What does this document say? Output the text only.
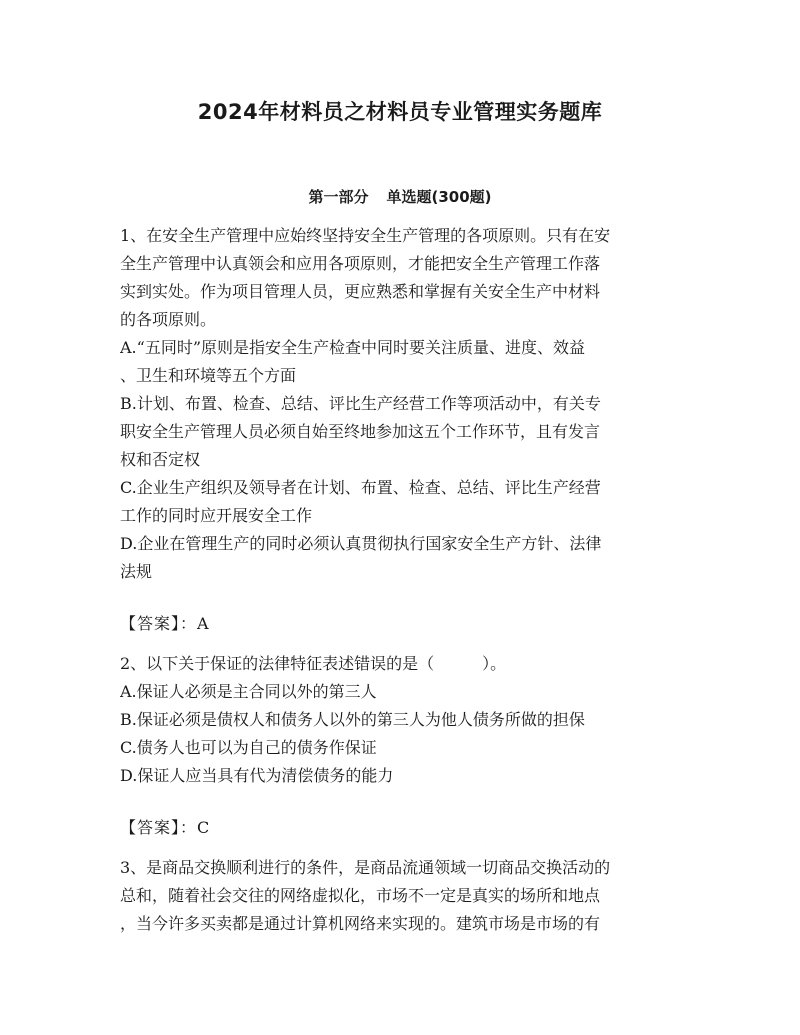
2024年材料员之材料员专业管理实务题库
第一部分 单选题(300题)
1、在安全生产管理中应始终坚持安全生产管理的各项原则。只有在安
全生产管理中认真领会和应用各项原则，才能把安全生产管理工作落
实到实处。作为项目管理人员，更应熟悉和掌握有关安全生产中材料
的各项原则。
A.“五同时”原则是指安全生产检查中同时要关注质量、进度、效益
、卫生和环境等五个方面
B.计划、布置、检查、总结、评比生产经营工作等项活动中，有关专
职安全生产管理人员必须自始至终地参加这五个工作环节，且有发言
权和否定权
C.企业生产组织及领导者在计划、布置、检查、总结、评比生产经营
工作的同时应开展安全工作
D.企业在管理生产的同时必须认真贯彻执行国家安全生产方针、法律
法规
【答案】：A
2、以下关于保证的法律特征表述错误的是（　　　）。
A.保证人必须是主合同以外的第三人
B.保证必须是债权人和债务人以外的第三人为他人债务所做的担保
C.债务人也可以为自己的债务作保证
D.保证人应当具有代为清偿债务的能力
【答案】：C
3、是商品交换顺利进行的条件，是商品流通领域一切商品交换活动的
总和，随着社会交往的网络虚拟化，市场不一定是真实的场所和地点
，当今许多买卖都是通过计算机网络来实现的。建筑市场是市场的有
